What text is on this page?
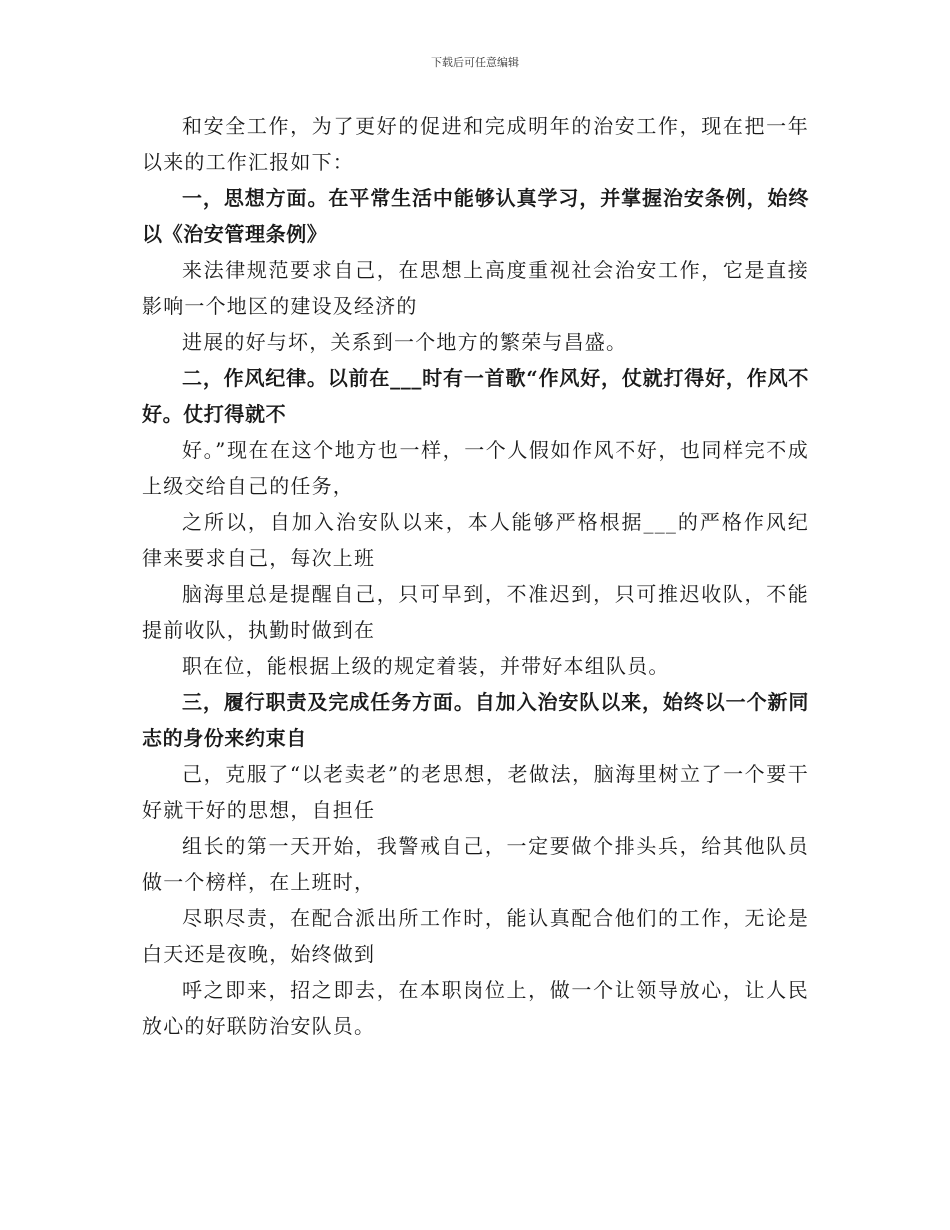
下载后可任意编辑

和安全工作，为了更好的促进和完成明年的治安工作，现在把一年以来的工作汇报如下：

一，思想方面。在平常生活中能够认真学习，并掌握治安条例，始终以《治安管理条例》

来法律规范要求自己，在思想上高度重视社会治安工作，它是直接影响一个地区的建设及经济的

进展的好与坏，关系到一个地方的繁荣与昌盛。

二，作风纪律。以前在___时有一首歌“作风好，仗就打得好，作风不好。仗打得就不

好。”现在在这个地方也一样，一个人假如作风不好，也同样完不成上级交给自己的任务，

之所以，自加入治安队以来，本人能够严格根据___的严格作风纪律来要求自己，每次上班

脑海里总是提醒自己，只可早到，不准迟到，只可推迟收队，不能提前收队，执勤时做到在

职在位，能根据上级的规定着装，并带好本组队员。

三，履行职责及完成任务方面。自加入治安队以来，始终以一个新同志的身份来约束自

己，克服了“以老卖老”的老思想，老做法，脑海里树立了一个要干好就干好的思想，自担任

组长的第一天开始，我警戒自己，一定要做个排头兵，给其他队员做一个榜样，在上班时，

尽职尽责，在配合派出所工作时，能认真配合他们的工作，无论是白天还是夜晚，始终做到

呼之即来，招之即去，在本职岗位上，做一个让领导放心，让人民放心的好联防治安队员。
